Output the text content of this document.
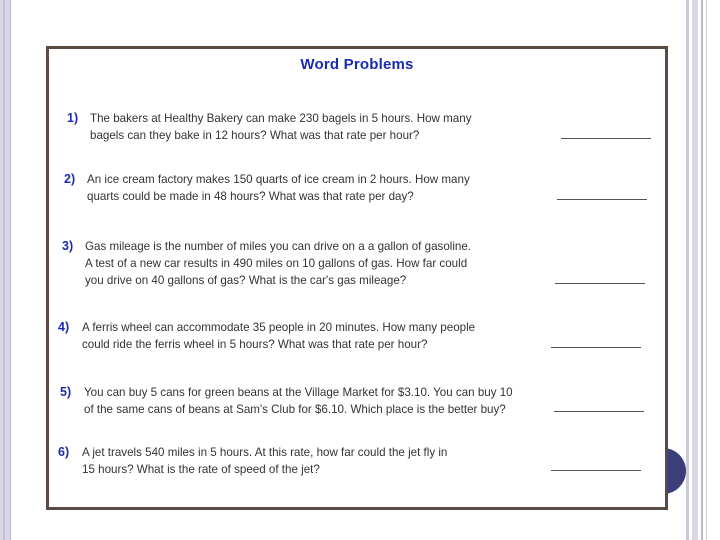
Word Problems
1) The bakers at Healthy Bakery can make 230 bagels in 5 hours. How many
bagels can they bake in 12 hours? What was that rate per hour?
2) An ice cream factory makes 150 quarts of ice cream in 2 hours. How many
quarts could be made in 48 hours? What was that rate per day?
3) Gas mileage is the number of miles you can drive on a a gallon of gasoline.
A test of a new car results in 490 miles on 10 gallons of gas. How far could
you drive on 40 gallons of gas? What is the car's gas mileage?
4) A ferris wheel can accommodate 35 people in 20 minutes. How many people
could ride the ferris wheel in 5 hours? What was that rate per hour?
5) You can buy 5 cans for green beans at the Village Market for $3.10. You can buy 10
of the same cans of beans at Sam's Club for $6.10. Which place is the better buy?
6) A jet travels 540 miles in 5 hours. At this rate, how far could the jet fly in
15 hours? What is the rate of speed of the jet?
